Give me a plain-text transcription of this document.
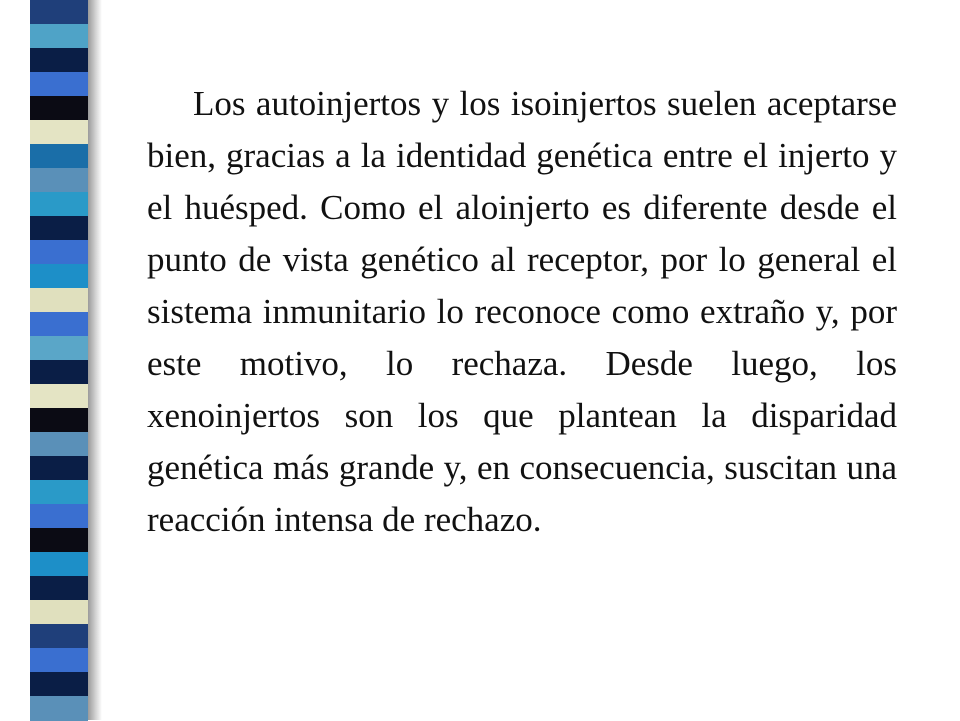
Los autoinjertos y los isoinjertos suelen aceptarse bien, gracias a la identidad genética entre el injerto y el huésped. Como el aloinjerto es diferente desde el punto de vista genético al receptor, por lo general el sistema inmunitario lo reconoce como extraño y, por este motivo, lo rechaza. Desde luego, los xenoinjertos son los que plantean la disparidad genética más grande y, en consecuencia, suscitan una reacción intensa de rechazo.
